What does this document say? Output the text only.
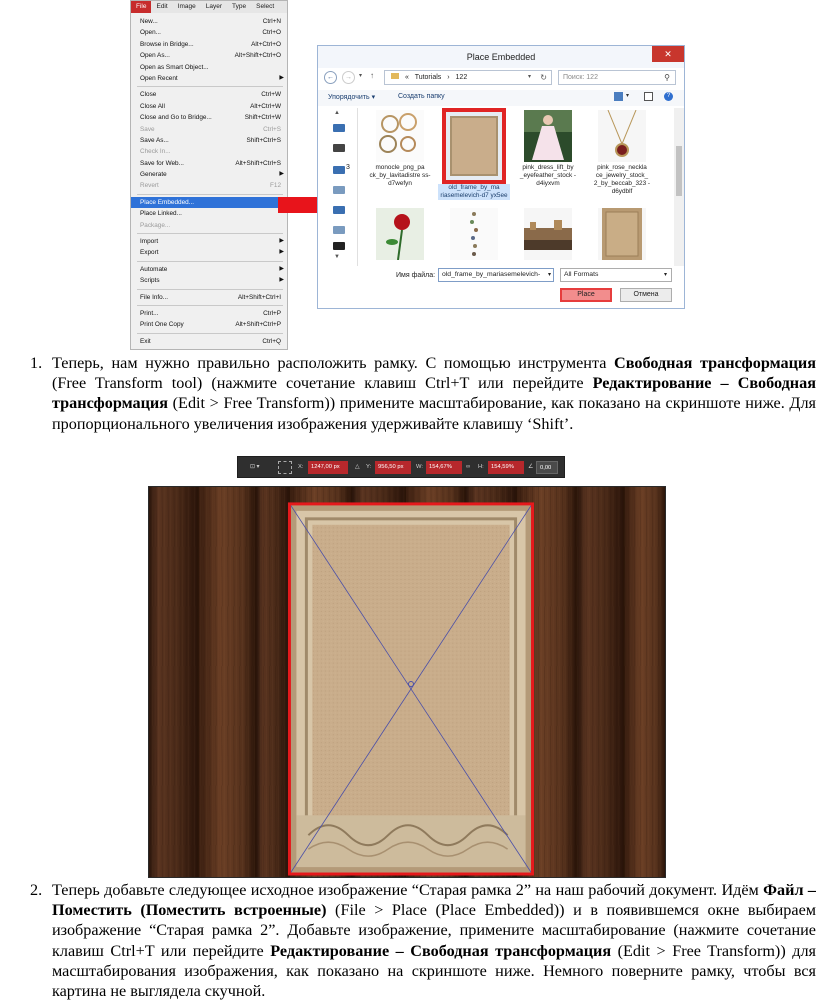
File	Edit	Image	Layer	Type	Select
New...	Ctrl+N
Open...	Ctrl+O
Browse in Bridge...	Alt+Ctrl+O
Open As...	Alt+Shift+Ctrl+O
Open as Smart Object...
Open Recent	▶
Close	Ctrl+W
Close All	Alt+Ctrl+W
Close and Go to Bridge...	Shift+Ctrl+W
Save	Ctrl+S
Save As...	Shift+Ctrl+S
Check In...
Save for Web...	Alt+Shift+Ctrl+S
Generate	▶
Revert	F12
Place Embedded...
Place Linked...
Package...
Import	▶
Export	▶
Automate	▶
Scripts	▶
File Info...	Alt+Shift+Ctrl+I
Print...	Ctrl+P
Print One Copy	Alt+Shift+Ctrl+P
Exit	Ctrl+Q
Place Embedded	✕
←	→	▾ ↑	« Tutorials › 122	▾ ↻	Поиск: 122	⚲
Упорядочить ▾	Создать папку	▾	?
▲
3
▼
monocle_png_pa ck_by_lavitadistre ss-d7wefyn
old_frame_by_ma riasemelevich-d7 yx5ee
pink_dress_lift_by _eyefeather_stock -d4iyxvm
pink_rose_neckla ce_jewelry_stock_ 2_by_beccab_323 -d6ydblf
Имя файла:	old_frame_by_mariasemelevich- ▾	All Formats	▾
Place	Отмена
1. Теперь, нам нужно правильно расположить рамку. С помощью инструмента Свободная трансформация (Free Transform tool) (нажмите сочетание клавиш Ctrl+T или перейдите Редактирование – Свободная трансформация (Edit > Free Transform)) примените масштабирование, как показано на скриншоте ниже. Для пропорционального увеличения изображения удерживайте клавишу ‘Shift’.
⊡ ▾	X:	1247,00 px	△ Y:	956,50 px	W:	154,67%	∞ H:	154,59%	∠	0,00
2. Теперь добавьте следующее исходное изображение “Старая рамка 2” на наш рабочий документ. Идём Файл – Поместить (Поместить встроенные) (File > Place (Place Embedded)) и в появившемся окне выбираем изображение “Старая рамка 2”. Добавьте изображение, примените масштабирование (нажмите сочетание клавиш Ctrl+T или перейдите Редактирование – Свободная трансформация (Edit > Free Transform)) для масштабирования изображения, как показано на скриншоте ниже. Немного поверните рамку, чтобы вся картина не выглядела скучной.
